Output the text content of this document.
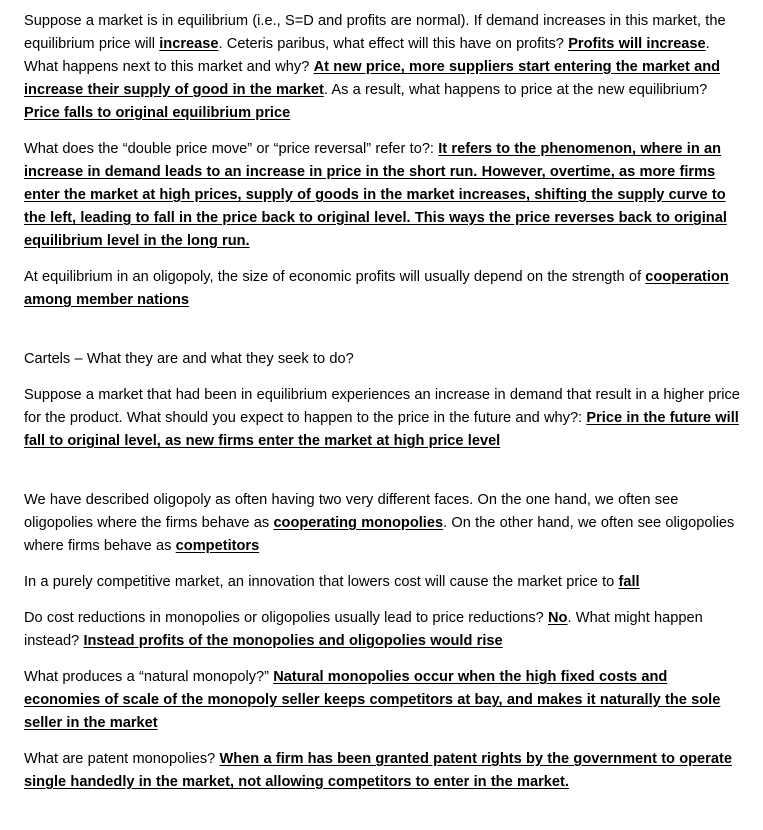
Suppose a market is in equilibrium (i.e., S=D and profits are normal). If demand increases in this market, the equilibrium price will increase. Ceteris paribus, what effect will this have on profits? Profits will increase. What happens next to this market and why? At new price, more suppliers start entering the market and increase their supply of good in the market. As a result, what happens to price at the new equilibrium? Price falls to original equilibrium price

What does the “double price move” or “price reversal” refer to?: It refers to the phenomenon, where in an increase in demand leads to an increase in price in the short run. However, overtime, as more firms enter the market at high prices, supply of goods in the market increases, shifting the supply curve to the left, leading to fall in the price back to original level. This ways the price reverses back to original equilibrium level in the long run.

At equilibrium in an oligopoly, the size of economic profits will usually depend on the strength of cooperation among member nations

Cartels – What they are and what they seek to do?

Suppose a market that had been in equilibrium experiences an increase in demand that result in a higher price for the product. What should you expect to happen to the price in the future and why?: Price in the future will fall to original level, as new firms enter the market at high price level

We have described oligopoly as often having two very different faces. On the one hand, we often see oligopolies where the firms behave as cooperating monopolies. On the other hand, we often see oligopolies where firms behave as competitors

In a purely competitive market, an innovation that lowers cost will cause the market price to fall

Do cost reductions in monopolies or oligopolies usually lead to price reductions? No. What might happen instead? Instead profits of the monopolies and oligopolies would rise

What produces a “natural monopoly?” Natural monopolies occur when the high fixed costs and economies of scale of the monopoly seller keeps competitors at bay, and makes it naturally the sole seller in the market

What are patent monopolies? When a firm has been granted patent rights by the government to operate single handedly in the market, not allowing competitors to enter in the market.
